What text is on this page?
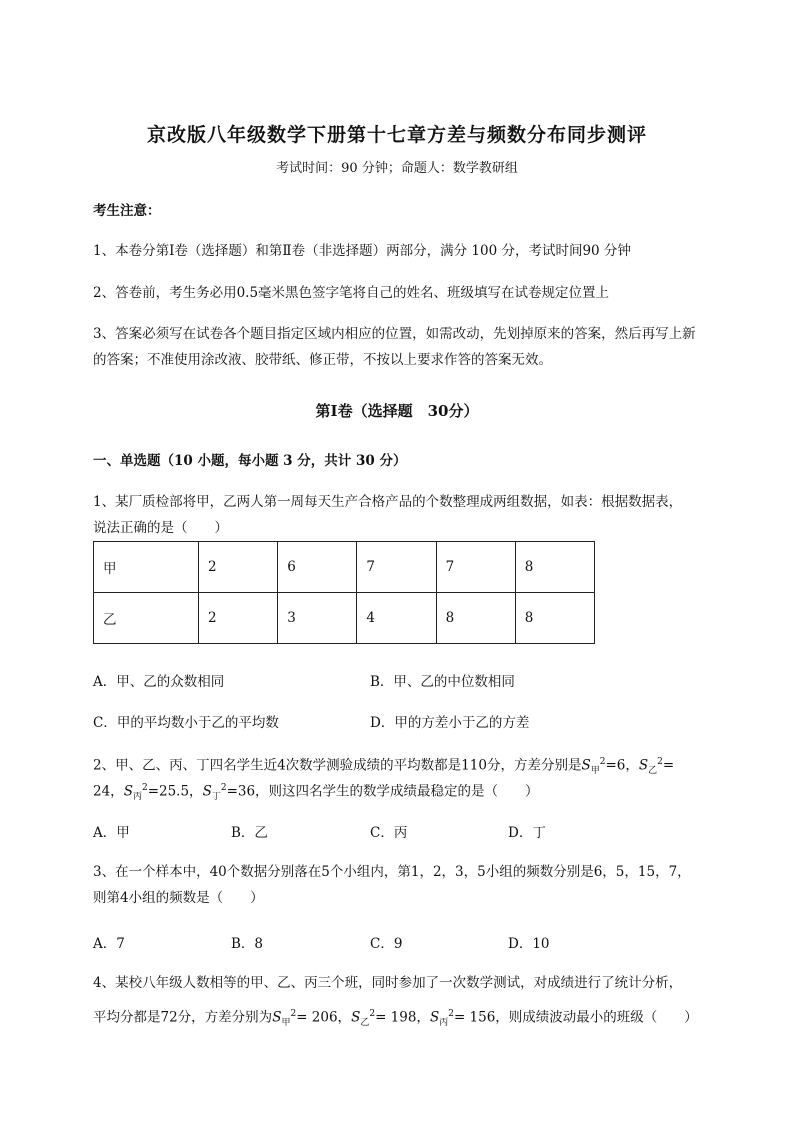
京改版八年级数学下册第十七章方差与频数分布同步测评
考试时间：90 分钟；命题人：数学教研组
考生注意：
1、本卷分第Ⅰ卷（选择题）和第Ⅱ卷（非选择题）两部分，满分 100 分，考试时间90 分钟
2、答卷前，考生务必用0.5毫米黑色签字笔将自己的姓名、班级填写在试卷规定位置上
3、答案必须写在试卷各个题目指定区域内相应的位置，如需改动，先划掉原来的答案，然后再写上新
的答案；不准使用涂改液、胶带纸、修正带，不按以上要求作答的答案无效。
第Ⅰ卷（选择题　30分）
一、单选题（10 小题，每小题 3 分，共计 30 分）
1、某厂质检部将甲，乙两人第一周每天生产合格产品的个数整理成两组数据，如表：根据数据表，
说法正确的是（　　）
甲	2	6	7	7	8
乙	2	3	4	8	8
A．甲、乙的众数相同	B．甲、乙的中位数相同
C．甲的平均数小于乙的平均数	D．甲的方差小于乙的方差
2、甲、乙、丙、丁四名学生近4次数学测验成绩的平均数都是110分，方差分别是$S_甲^2=6$，$S_乙^2=$
24，$S_丙^2=25.5$，$S_丁^2=36$，则这四名学生的数学成绩最稳定的是（　　）
A．甲	B．乙	C．丙	D．丁
3、在一个样本中，40个数据分别落在5个小组内，第1，2，3，5小组的频数分别是6，5，15，7，
则第4小组的频数是（　　）
A．7	B．8	C．9	D．10
4、某校八年级人数相等的甲、乙、丙三个班，同时参加了一次数学测试，对成绩进行了统计分析，
平均分都是72分，方差分别为$S_甲^2= 206$，$S_乙^2= 198$，$S_丙^2= 156$，则成绩波动最小的班级（　　）
